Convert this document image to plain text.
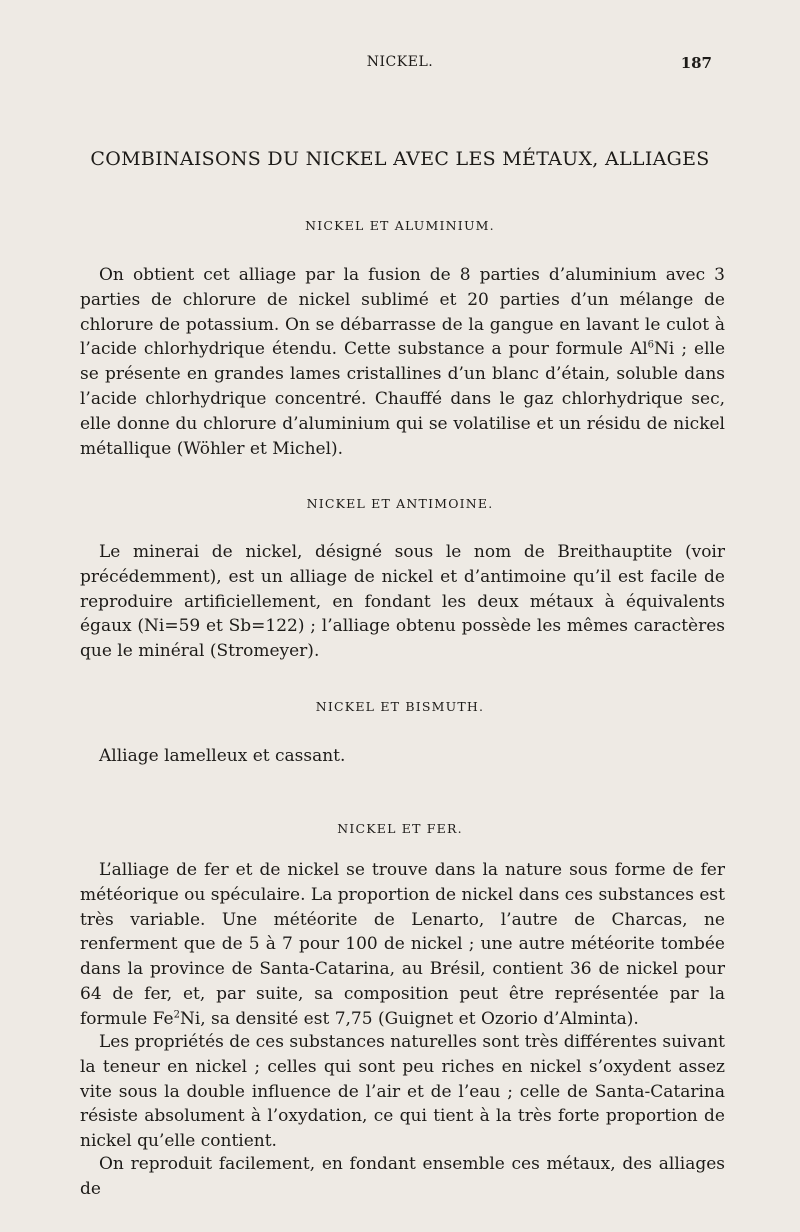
NICKEL.	187
COMBINAISONS DU NICKEL AVEC LES MÉTAUX, ALLIAGES
NICKEL ET ALUMINIUM.

On obtient cet alliage par la fusion de 8 parties d’aluminium avec 3 parties de chlorure de nickel sublimé et 20 parties d’un mélange de chlorure de potassium. On se débarrasse de la gangue en lavant le culot à l’acide chlorhydrique étendu. Cette substance a pour formule Al$^6$Ni ; elle se présente en grandes lames cristallines d’un blanc d’étain, soluble dans l’acide chlorhydrique concentré. Chauffé dans le gaz chlorhydrique sec, elle donne du chlorure d’aluminium qui se volatilise et un résidu de nickel métallique (Wöhler et Michel).

NICKEL ET ANTIMOINE.

Le minerai de nickel, désigné sous le nom de Breithauptite (voir précédemment), est un alliage de nickel et d’antimoine qu’il est facile de reproduire artificiellement, en fondant les deux métaux à équivalents égaux (Ni=59 et Sb=122) ; l’alliage obtenu possède les mêmes caractères que le minéral (Stromeyer).

NICKEL ET BISMUTH.

Alliage lamelleux et cassant.

NICKEL ET FER.

L’alliage de fer et de nickel se trouve dans la nature sous forme de fer météorique ou spéculaire. La proportion de nickel dans ces substances est très variable. Une météorite de Lenarto, l’autre de Charcas, ne renferment que de 5 à 7 pour 100 de nickel ; une autre météorite tombée dans la province de Santa-Catarina, au Brésil, contient 36 de nickel pour 64 de fer, et, par suite, sa composition peut être représentée par la formule Fe$^2$Ni, sa densité est 7,75 (Guignet et Ozorio d’Alminta).

Les propriétés de ces substances naturelles sont très différentes suivant la teneur en nickel ; celles qui sont peu riches en nickel s’oxydent assez vite sous la double influence de l’air et de l’eau ; celle de Santa-Catarina résiste absolument à l’oxydation, ce qui tient à la très forte proportion de nickel qu’elle contient.

On reproduit facilement, en fondant ensemble ces métaux, des alliages de
